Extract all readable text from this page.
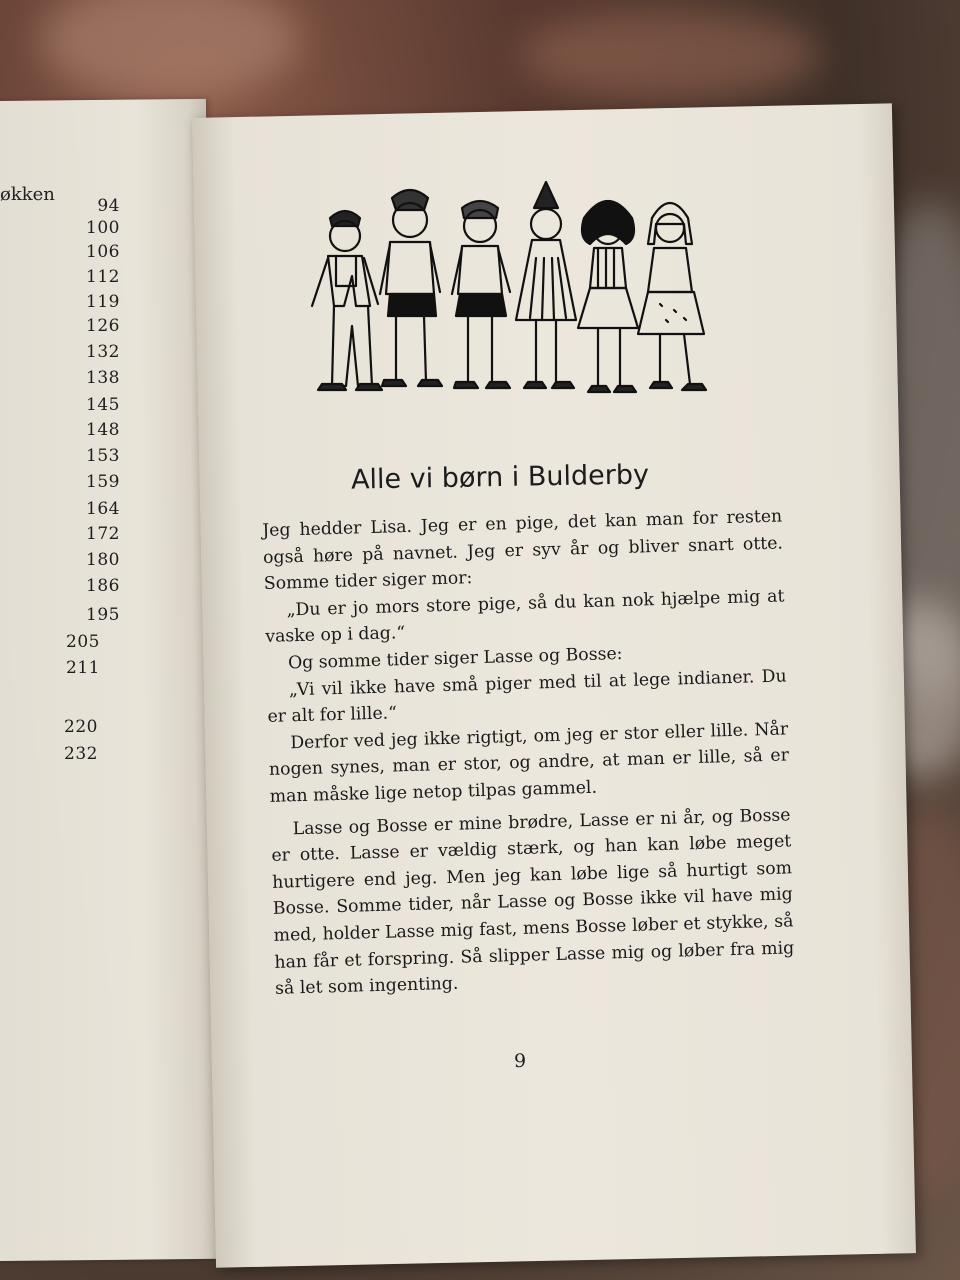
økken
94
100
106
112
119
126
132
138
145
148
153
159
164
172
180
186
195
205
211
220
232
Alle vi børn i Bulderby

Jeg hedder Lisa. Jeg er en pige, det kan man for resten også høre på navnet. Jeg er syv år og bliver snart otte. Somme tider siger mor:

„Du er jo mors store pige, så du kan nok hjælpe mig at vaske op i dag.“

Og somme tider siger Lasse og Bosse:

„Vi vil ikke have små piger med til at lege indianer. Du er alt for lille.“

Derfor ved jeg ikke rigtigt, om jeg er stor eller lille. Når nogen synes, man er stor, og andre, at man er lille, så er man måske lige netop tilpas gammel.

Lasse og Bosse er mine brødre, Lasse er ni år, og Bosse er otte. Lasse er vældig stærk, og han kan løbe meget hurtigere end jeg. Men jeg kan løbe lige så hurtigt som Bosse. Somme tider, når Lasse og Bosse ikke vil have mig med, holder Lasse mig fast, mens Bosse løber et stykke, så han får et forspring. Så slipper Lasse mig og løber fra mig så let som ingenting.

9
